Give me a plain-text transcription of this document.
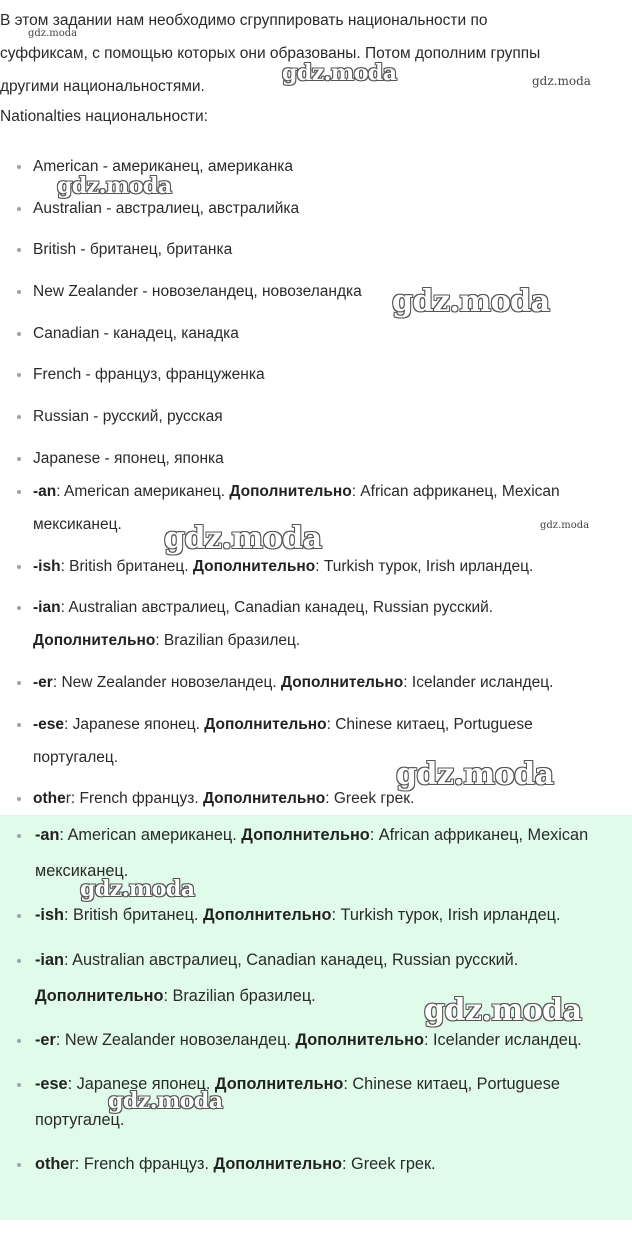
В этом задании нам необходимо сгруппировать национальности по

суффиксам, с помощью которых они образованы. Потом дополним группы

другими национальностями.

Nationalties национальности:
American - американец, американка
Australian - австралиец, австралийка
British - британец, британка
New Zealander - новозеландец, новозеландка
Canadian - канадец, канадка
French - француз, француженка
Russian - русский, русская
Japanese - японец, японка
-an: American американец. Дополнительно: African африканец, Mexican мексиканец.
-ish: British британец. Дополнительно: Turkish турок, Irish ирландец.
-ian: Australian австралиец, Canadian канадец, Russian русский. Дополнительно: Brazilian бразилец.
-er: New Zealander новозеландец. Дополнительно: Icelander исландец.
-ese: Japanese японец. Дополнительно: Chinese китаец, Portuguese португалец.
other: French француз. Дополнительно: Greek грек.
-an: American американец. Дополнительно: African африканец, Mexican мексиканец.
-ish: British британец. Дополнительно: Turkish турок, Irish ирландец.
-ian: Australian австралиец, Canadian канадец, Russian русский. Дополнительно: Brazilian бразилец.
-er: New Zealander новозеландец. Дополнительно: Icelander исландец.
-ese: Japanese японец. Дополнительно: Chinese китаец, Portuguese португалец.
other: French француз. Дополнительно: Greek грек.
gdz.moda
gdz.moda	gdz.moda
gdz.moda
gdz.moda
gdz.moda	gdz.moda
gdz.moda
gdz.moda
gdz.moda
gdz.moda
